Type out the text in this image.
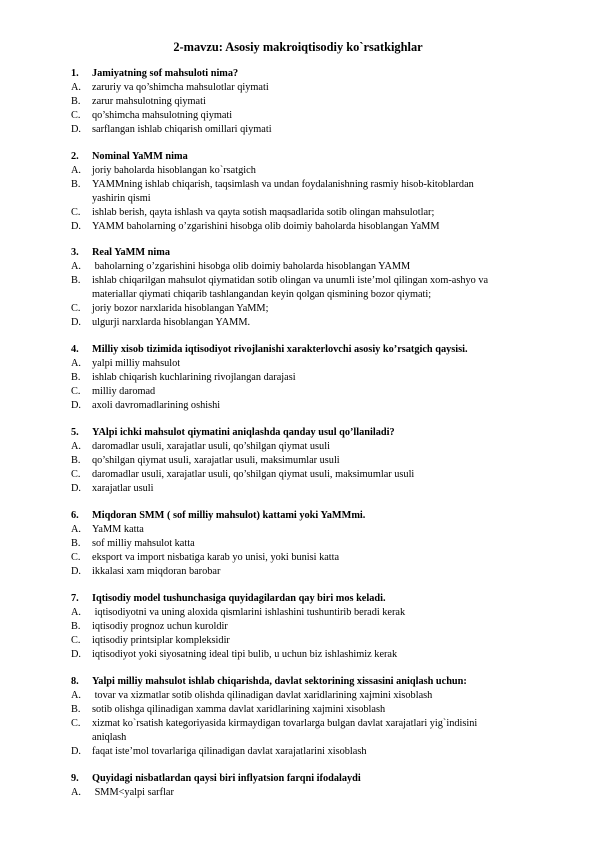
2-mavzu: Asosiy makroiqtisodiy ko`rsatkighlar
1. Jamiyatning sof mahsuloti nima?
A. zaruriy va qo’shimcha mahsulotlar qiymati
B. zarur mahsulotning qiymati
C. qo’shimcha mahsulotning qiymati
D. sarflangan ishlab chiqarish omillari qiymati
2. Nominal YaMM nima
A. joriy baholarda hisoblangan ko`rsatgich
B. YAMMning ishlab chiqarish, taqsimlash va undan foydalanishning rasmiy hisob-kitoblardan
yashirin qismi
C. ishlab berish, qayta ishlash va qayta sotish maqsadlarida sotib olingan mahsulotlar;
D. YAMM baholarning o’zgarishini hisobga olib doimiy baholarda hisoblangan YaMM
3. Real YaMM nima
A. baholarning o’zgarishini hisobga olib doimiy baholarda hisoblangan YAMM
B. ishlab chiqarilgan mahsulot qiymatidan sotib olingan va unumli iste’mol qilingan xom-ashyo va
materiallar qiymati chiqarib tashlangandan keyin qolgan qismining bozor qiymati;
C. joriy bozor narxlarida hisoblangan YaMM;
D. ulgurji narxlarda hisoblangan YAMM.
4. Milliy xisob tizimida iqtisodiyot rivojlanishi xarakterlovchi asosiy ko’rsatgich qaysisi.
A. yalpi milliy mahsulot
B. ishlab chiqarish kuchlarining rivojlangan darajasi
C. milliy daromad
D. axoli davromadlarining oshishi
5. YAlpi ichki mahsulot qiymatini aniqlashda qanday usul qo’llaniladi?
A. daromadlar usuli, xarajatlar usuli, qo’shilgan qiymat usuli
B. qo’shilgan qiymat usuli, xarajatlar usuli, maksimumlar usuli
C. daromadlar usuli, xarajatlar usuli, qo’shilgan qiymat usuli, maksimumlar usuli
D. xarajatlar usuli
6. Miqdoran SMM ( sof milliy mahsulot) kattami yoki YaMMmi.
A. YaMM katta
B. sof milliy mahsulot katta
C. eksport va import nisbatiga karab yo unisi, yoki bunisi katta
D. ikkalasi xam miqdoran barobar
7. Iqtisodiy model tushunchasiga quyidagilardan qay biri mos keladi.
A. iqtisodiyotni va uning aloxida qismlarini ishlashini tushuntirib beradi kerak
B. iqtisodiy prognoz uchun kuroldir
C. iqtisodiy printsiplar kompleksidir
D. iqtisodiyot yoki siyosatning ideal tipi bulib, u uchun biz ishlashimiz kerak
8. Yalpi milliy mahsulot ishlab chiqarishda, davlat sektorining xissasini aniqlash uchun:
A. tovar va xizmatlar sotib olishda qilinadigan davlat xaridlarining xajmini xisoblash
B. sotib olishga qilinadigan xamma davlat xaridlarining xajmini xisoblash
C. xizmat ko`rsatish kategoriyasida kirmaydigan tovarlarga bulgan davlat xarajatlari yig`indisini
aniqlash
D. faqat iste’mol tovarlariga qilinadigan davlat xarajatlarini xisoblash
9. Quyidagi nisbatlardan qaysi biri inflyatsion farqni ifodalaydi
A. SMM<yalpi sarflar
